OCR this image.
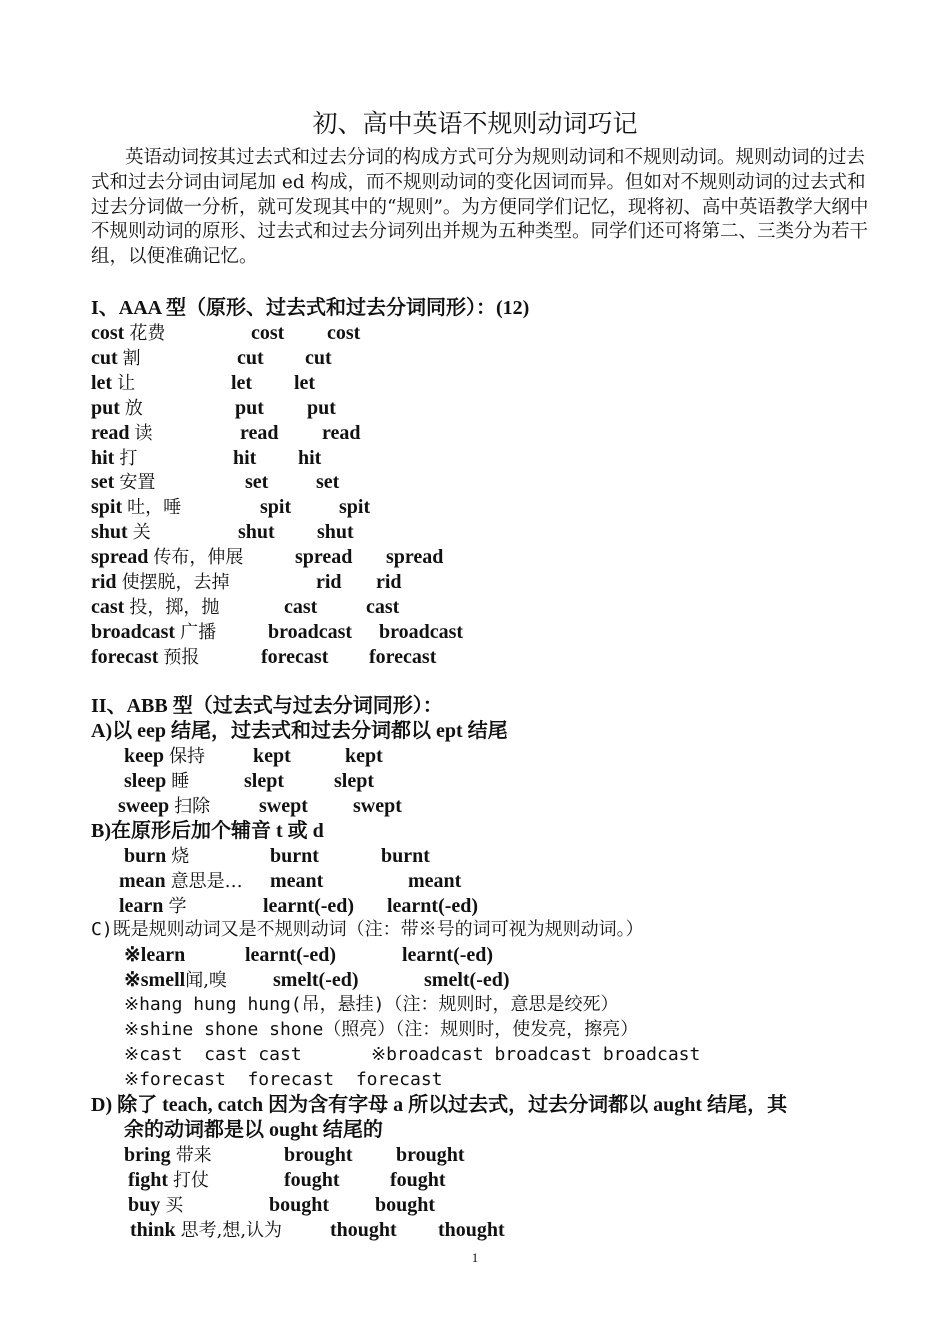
初、高中英语不规则动词巧记

英语动词按其过去式和过去分词的构成方式可分为规则动词和不规则动词。规则动词的过去式和过去分词由词尾加 ed 构成，而不规则动词的变化因词而异。但如对不规则动词的过去式和过去分词做一分析，就可发现其中的“规则”。为方便同学们记忆，现将初、高中英语教学大纲中不规则动词的原形、过去式和过去分词列出并规为五种类型。同学们还可将第二、三类分为若干组，以便准确记忆。

I、AAA 型（原形、过去式和过去分词同形）：(12)
cost 花费	cost cost
cut 割	cut cut
let 让	let let
put 放	put put
read 读	read read
hit 打	hit hit
set 安置	set set
spit 吐，唾	spit spit
shut 关	shut shut
spread 传布，伸展	spread spread
rid 使摆脱，去掉	rid rid
cast 投，掷，抛	cast cast
broadcast 广播	broadcast broadcast
forecast 预报	forecast forecast
II、ABB 型（过去式与过去分词同形）：
A)以 eep 结尾，过去式和过去分词都以 ept 结尾
keep 保持 kept	kept
sleep 睡	slept	slept
sweep 扫除 swept swept
B)在原形后加个辅音 t 或 d
burn 烧	burnt	burnt
mean 意思是… meant	meant
learn 学	learnt(-ed) learnt(-ed)
C)既是规则动词又是不规则动词（注：带※号的词可视为规则动词。）
※learn	learnt(-ed)	learnt(-ed)
※smell闻,嗅 smelt(-ed)	smelt(-ed)
※hang hung hung(吊，悬挂)（注：规则时，意思是绞死）
※shine shone shone（照亮）（注：规则时，使发亮，擦亮）
※cast  cast cast	※broadcast broadcast broadcast
※forecast  forecast  forecast
D) 除了 teach, catch 因为含有字母 a 所以过去式，过去分词都以 aught 结尾，其
余的动词都是以 ought 结尾的
bring 带来	brought brought
fight 打仗	fought	fought
buy 买	bought bought
think 思考,想,认为 thought thought
1
